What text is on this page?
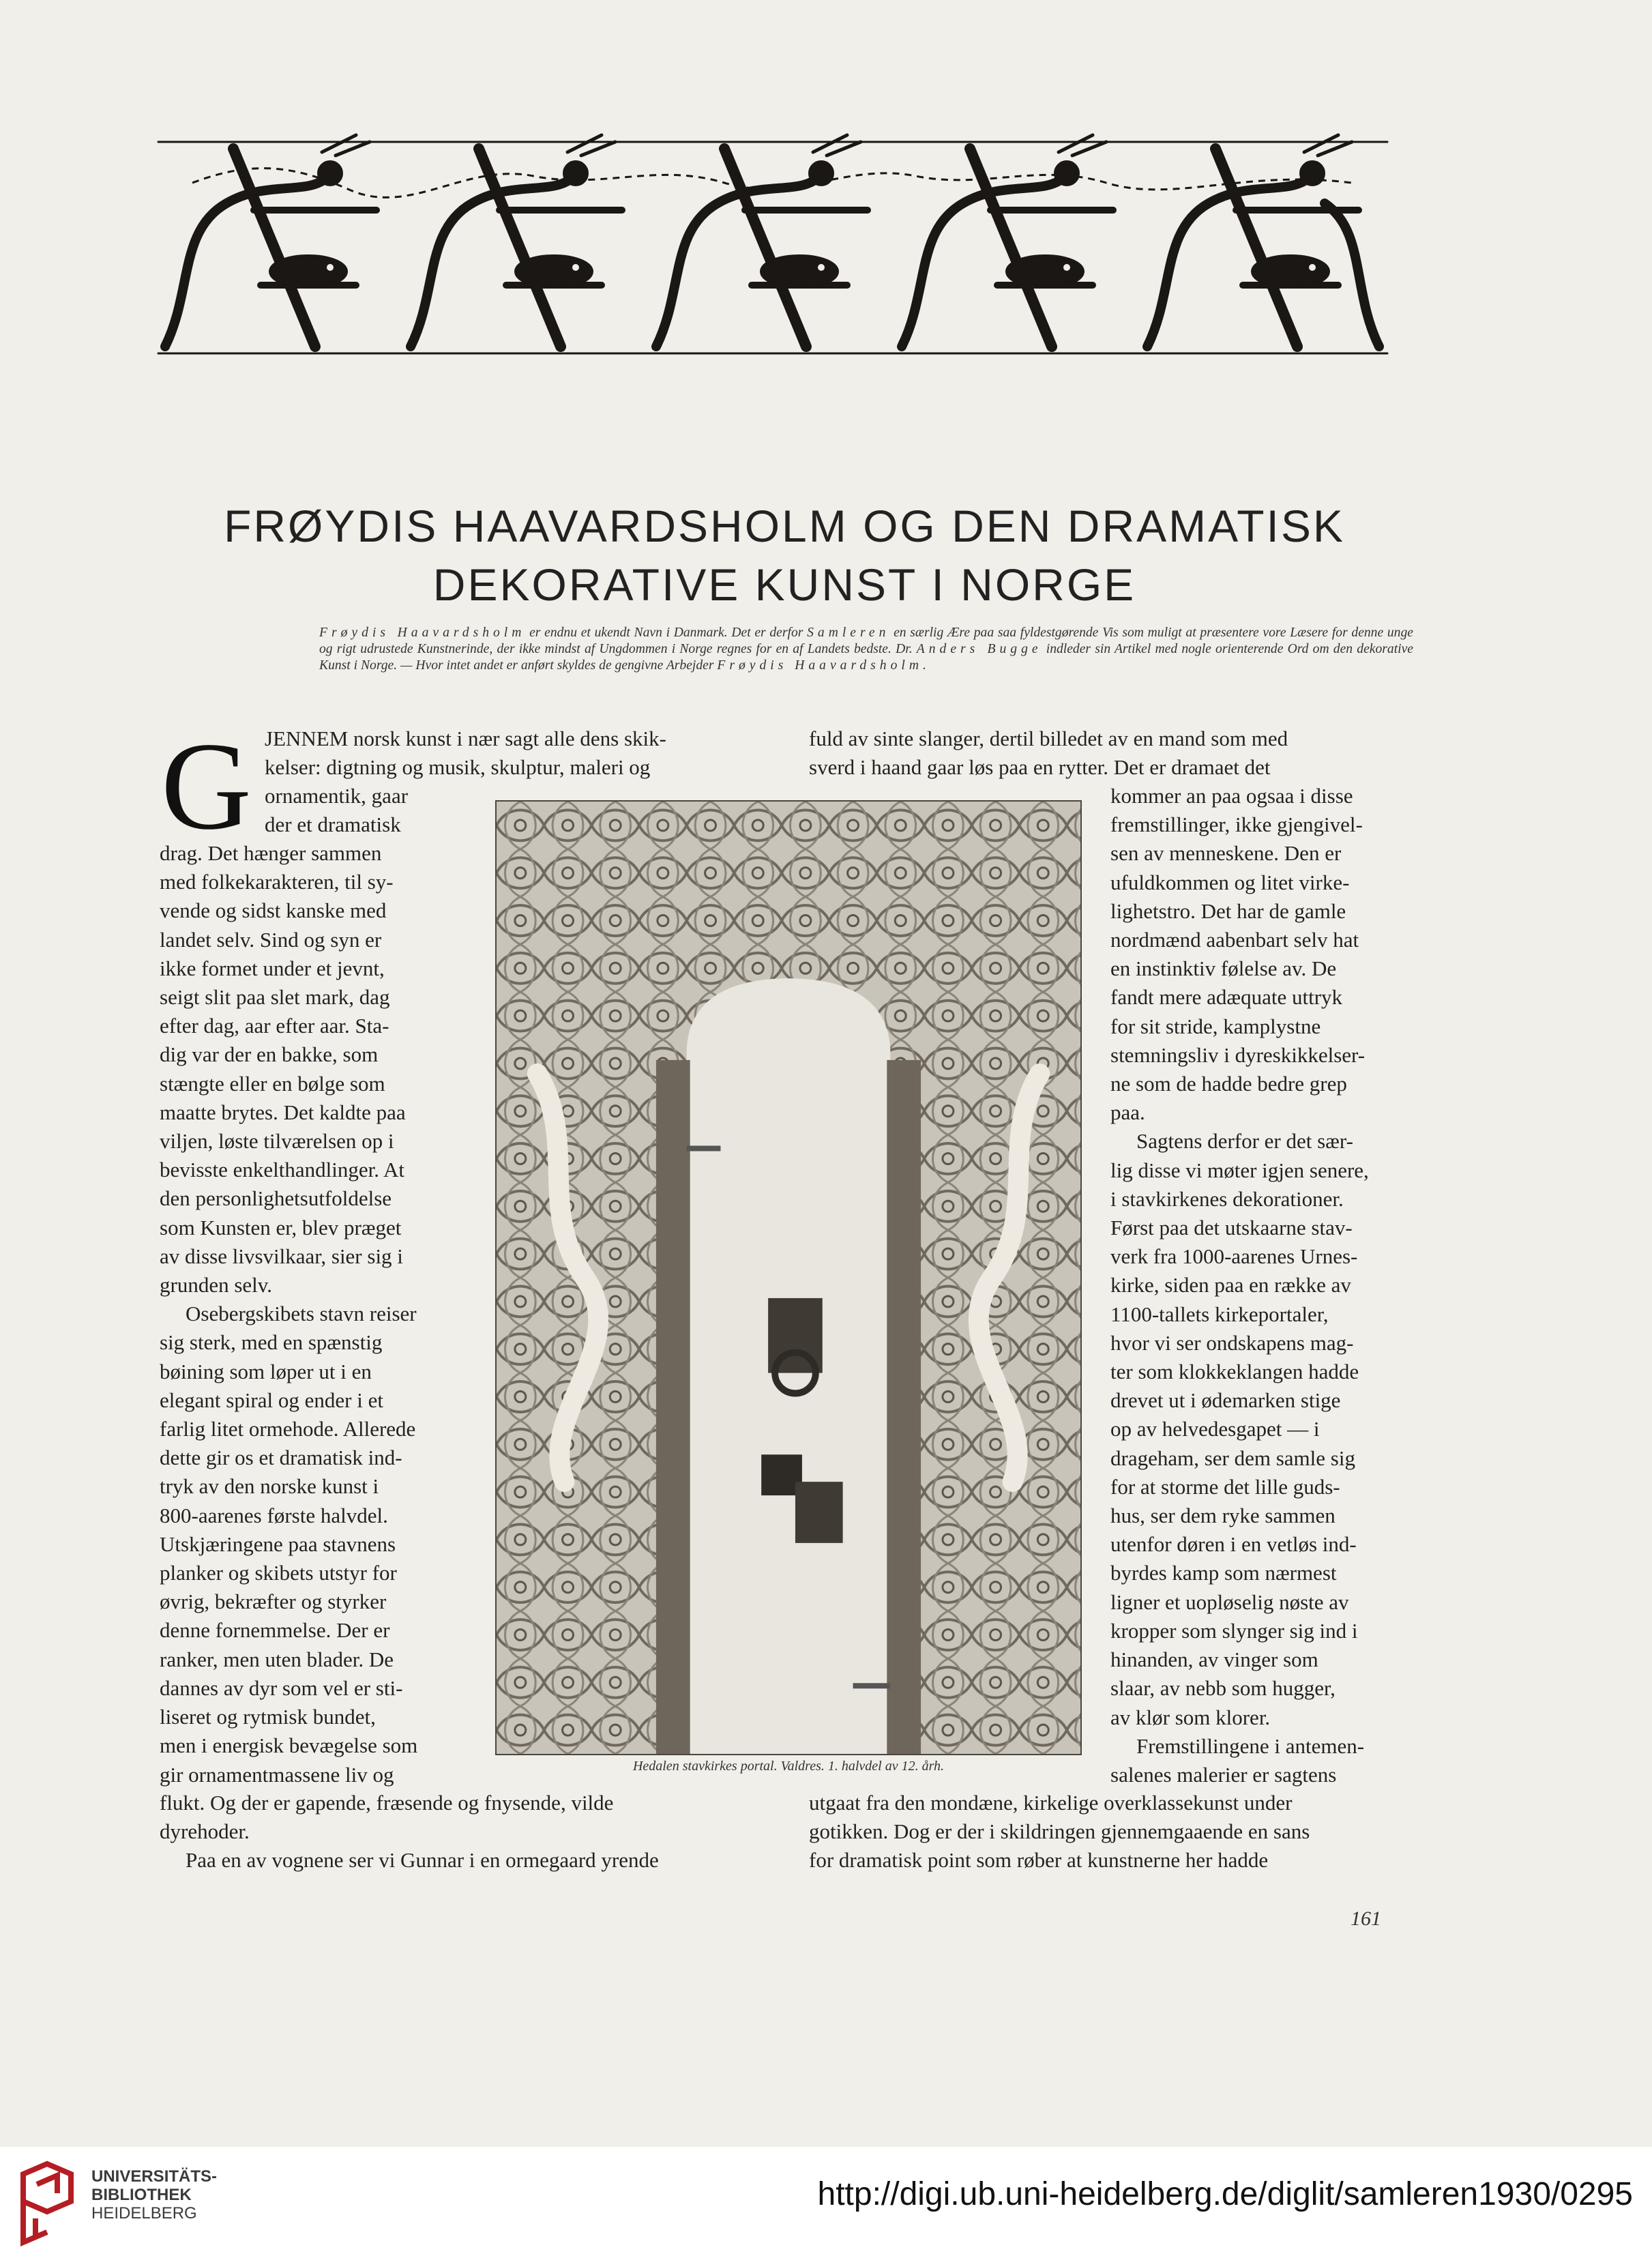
FRØYDIS HAAVARDSHOLM OG DEN DRAMATISK
DEKORATIVE KUNST I NORGE

Frøydis Haavardsholm er endnu et ukendt Navn i Danmark. Det er derfor Samleren en særlig Ære paa saa fyldestgørende Vis som muligt at præsentere vore Læsere for denne unge og rigt udrustede Kunstnerinde, der ikke mindst af Ungdommen i Norge regnes for en af Landets bedste. Dr. Anders Bugge indleder sin Artikel med nogle orienterende Ord om den dekorative Kunst i Norge. — Hvor intet andet er anført skyldes de gengivne Arbejder Frøydis Haavardsholm.

G JENNEM norsk kunst i nær sagt alle dens skik-

kelser: digtning og musik, skulptur, maleri og

ornamentik, gaar

der et dramatisk

drag. Det hænger sammen

med folkekarakteren, til sy-

vende og sidst kanske med

landet selv. Sind og syn er

ikke formet under et jevnt,

seigt slit paa slet mark, dag

efter dag, aar efter aar. Sta-

dig var der en bakke, som

stængte eller en bølge som

maatte brytes. Det kaldte paa

viljen, løste tilværelsen op i

bevisste enkelthandlinger. At

den personlighetsutfoldelse

som Kunsten er, blev præget

av disse livsvilkaar, sier sig i

grunden selv.

Osebergskibets stavn reiser

sig sterk, med en spænstig

bøining som løper ut i en

elegant spiral og ender i et

farlig litet ormehode. Allerede

dette gir os et dramatisk ind-

tryk av den norske kunst i

800-aarenes første halvdel.

Utskjæringene paa stavnens

planker og skibets utstyr for

øvrig, bekræfter og styrker

denne fornemmelse. Der er

ranker, men uten blader. De

dannes av dyr som vel er sti-

liseret og rytmisk bundet,

men i energisk bevægelse som

gir ornamentmassene liv og

flukt. Og der er gapende, fræsende og fnysende, vilde

dyrehoder.

Paa en av vognene ser vi Gunnar i en ormegaard yrende

fuld av sinte slanger, dertil billedet av en mand som med

sverd i haand gaar løs paa en rytter. Det er dramaet det

kommer an paa ogsaa i disse

fremstillinger, ikke gjengivel-

sen av menneskene. Den er

ufuldkommen og litet virke-

lighetstro. Det har de gamle

nordmænd aabenbart selv hat

en instinktiv følelse av. De

fandt mere adæquate uttryk

for sit stride, kamplystne

stemningsliv i dyreskikkelser-

ne som de hadde bedre grep

paa.

Sagtens derfor er det sær-

lig disse vi møter igjen senere,

i stavkirkenes dekorationer.

Først paa det utskaarne stav-

verk fra 1000-aarenes Urnes-

kirke, siden paa en række av

1100-tallets kirkeportaler,

hvor vi ser ondskapens mag-

ter som klokkeklangen hadde

drevet ut i ødemarken stige

op av helvedesgapet — i

drageham, ser dem samle sig

for at storme det lille guds-

hus, ser dem ryke sammen

utenfor døren i en vetløs ind-

byrdes kamp som nærmest

ligner et uopløselig nøste av

kropper som slynger sig ind i

hinanden, av vinger som

slaar, av nebb som hugger,

av klør som klorer.

Fremstillingene i antemen-

salenes malerier er sagtens

utgaat fra den mondæne, kirkelige overklassekunst under

gotikken. Dog er der i skildringen gjennemgaaende en sans

for dramatisk point som røber at kunstnerne her hadde

Hedalen stavkirkes portal. Valdres. 1. halvdel av 12. årh.
161
UNIVERSITÄTS-
BIBLIOTHEK
HEIDELBERG
http://digi.ub.uni-heidelberg.de/diglit/samleren1930/0295
